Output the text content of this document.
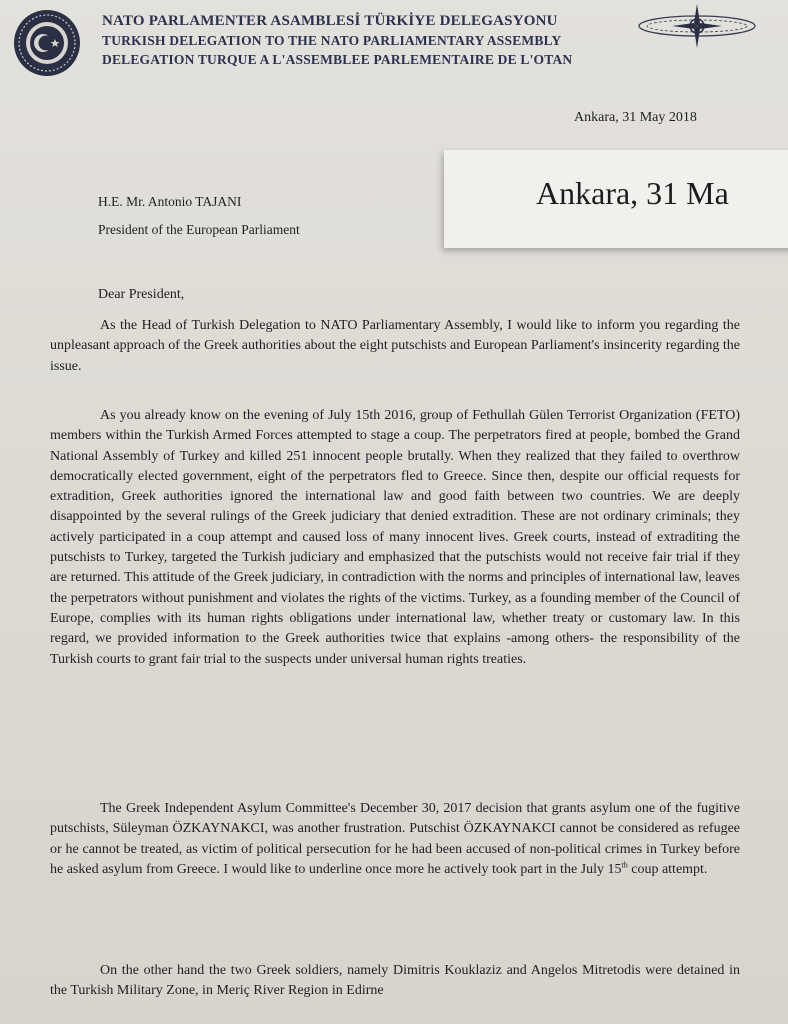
NATO PARLAMENTER ASAMBLESİ TÜRKİYE DELEGASYONU
TURKISH DELEGATION TO THE NATO PARLIAMENTARY ASSEMBLY
DELEGATION TURQUE A L'ASSEMBLEE PARLEMENTAIRE DE L'OTAN
Ankara, 31 May 2018
Ankara, 31 Ma
H.E. Mr. Antonio TAJANI
President of the European Parliament
Dear President,

As the Head of Turkish Delegation to NATO Parliamentary Assembly, I would like to inform you regarding the unpleasant approach of the Greek authorities about the eight putschists and European Parliament's insincerity regarding the issue.

As you already know on the evening of July 15th 2016, group of Fethullah Gülen Terrorist Organization (FETO) members within the Turkish Armed Forces attempted to stage a coup. The perpetrators fired at people, bombed the Grand National Assembly of Turkey and killed 251 innocent people brutally. When they realized that they failed to overthrow democratically elected government, eight of the perpetrators fled to Greece. Since then, despite our official requests for extradition, Greek authorities ignored the international law and good faith between two countries. We are deeply disappointed by the several rulings of the Greek judiciary that denied extradition. These are not ordinary criminals; they actively participated in a coup attempt and caused loss of many innocent lives. Greek courts, instead of extraditing the putschists to Turkey, targeted the Turkish judiciary and emphasized that the putschists would not receive fair trial if they are returned. This attitude of the Greek judiciary, in contradiction with the norms and principles of international law, leaves the perpetrators without punishment and violates the rights of the victims. Turkey, as a founding member of the Council of Europe, complies with its human rights obligations under international law, whether treaty or customary law. In this regard, we provided information to the Greek authorities twice that explains -among others- the responsibility of the Turkish courts to grant fair trial to the suspects under universal human rights treaties.

The Greek Independent Asylum Committee's December 30, 2017 decision that grants asylum one of the fugitive putschists, Süleyman ÖZKAYNAKCI, was another frustration. Putschist ÖZKAYNAKCI cannot be considered as refugee or he cannot be treated, as victim of political persecution for he had been accused of non-political crimes in Turkey before he asked asylum from Greece. I would like to underline once more he actively took part in the July 15th coup attempt.

On the other hand the two Greek soldiers, namely Dimitris Kouklaziz and Angelos Mitretodis were detained in the Turkish Military Zone, in Meriç River Region in Edirne
